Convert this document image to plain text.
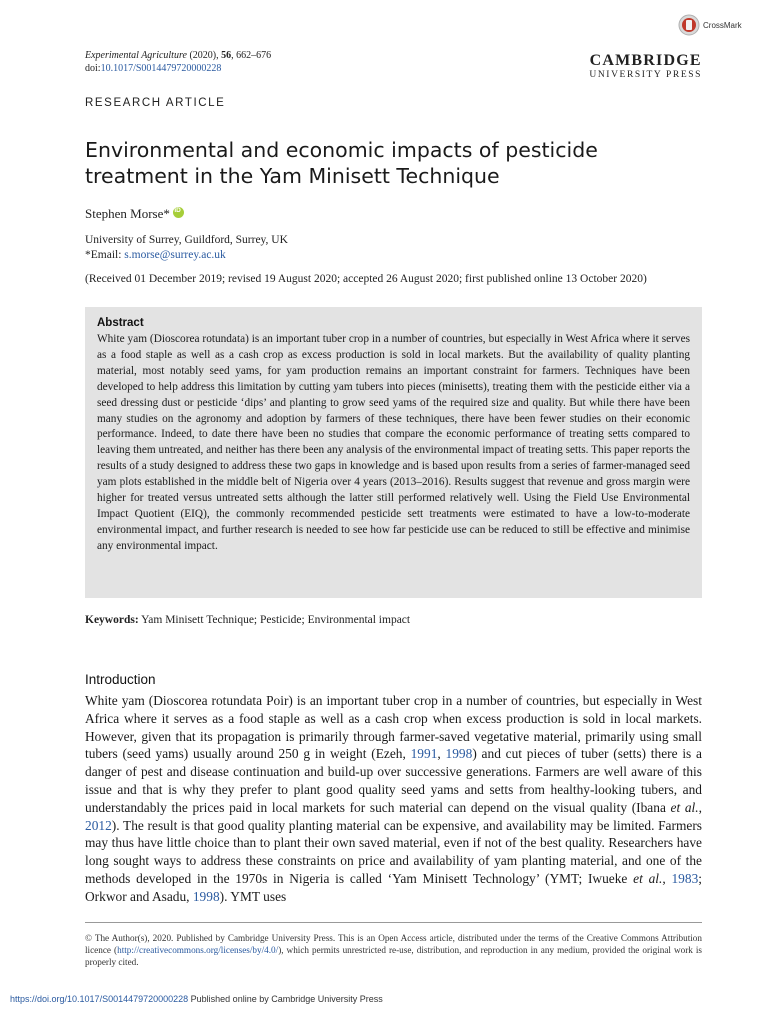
Experimental Agriculture (2020), 56, 662–676
doi:10.1017/S0014479720000228
CrossMark
CAMBRIDGE
UNIVERSITY PRESS
RESEARCH ARTICLE
Environmental and economic impacts of pesticide treatment in the Yam Minisett Technique
Stephen Morse*
iD
University of Surrey, Guildford, Surrey, UK
*Email: s.morse@surrey.ac.uk
(Received 01 December 2019; revised 19 August 2020; accepted 26 August 2020; first published online 13 October 2020)
Abstract
White yam (Dioscorea rotundata) is an important tuber crop in a number of countries, but especially in West Africa where it serves as a food staple as well as a cash crop as excess production is sold in local markets. But the availability of quality planting material, most notably seed yams, for yam production remains an important constraint for farmers. Techniques have been developed to help address this limitation by cutting yam tubers into pieces (minisetts), treating them with the pesticide either via a seed dressing dust or pesticide ‘dips’ and planting to grow seed yams of the required size and quality. But while there have been many studies on the agronomy and adoption by farmers of these techniques, there have been fewer studies on their economic performance. Indeed, to date there have been no studies that compare the economic performance of treating setts compared to leaving them untreated, and neither has there been any analysis of the environmental impact of treating setts. This paper reports the results of a study designed to address these two gaps in knowledge and is based upon results from a series of farmer-managed seed yam plots established in the middle belt of Nigeria over 4 years (2013–2016). Results suggest that revenue and gross margin were higher for treated versus untreated setts although the latter still performed relatively well. Using the Field Use Environmental Impact Quotient (EIQ), the commonly recommended pesticide sett treatments were estimated to have a low-to-moderate environmental impact, and further research is needed to see how far pesticide use can be reduced to still be effective and minimise any environmental impact.
Keywords: Yam Minisett Technique; Pesticide; Environmental impact
Introduction
White yam (Dioscorea rotundata Poir) is an important tuber crop in a number of countries, but especially in West Africa where it serves as a food staple as well as a cash crop when excess production is sold in local markets. However, given that its propagation is primarily through farmer-saved vegetative material, primarily using small tubers (seed yams) usually around 250 g in weight (Ezeh, 1991, 1998) and cut pieces of tuber (setts) there is a danger of pest and disease continuation and build-up over successive generations. Farmers are well aware of this issue and that is why they prefer to plant good quality seed yams and setts from healthy-looking tubers, and understandably the prices paid in local markets for such material can depend on the visual quality (Ibana et al., 2012). The result is that good quality planting material can be expensive, and availability may be limited. Farmers may thus have little choice than to plant their own saved material, even if not of the best quality. Researchers have long sought ways to address these constraints on price and availability of yam planting material, and one of the methods developed in the 1970s in Nigeria is called ‘Yam Minisett Technology’ (YMT; Iwueke et al., 1983; Orkwor and Asadu, 1998). YMT uses
© The Author(s), 2020. Published by Cambridge University Press. This is an Open Access article, distributed under the terms of the Creative Commons Attribution licence (http://creativecommons.org/licenses/by/4.0/), which permits unrestricted re-use, distribution, and reproduction in any medium, provided the original work is properly cited.
https://doi.org/10.1017/S0014479720000228 Published online by Cambridge University Press
